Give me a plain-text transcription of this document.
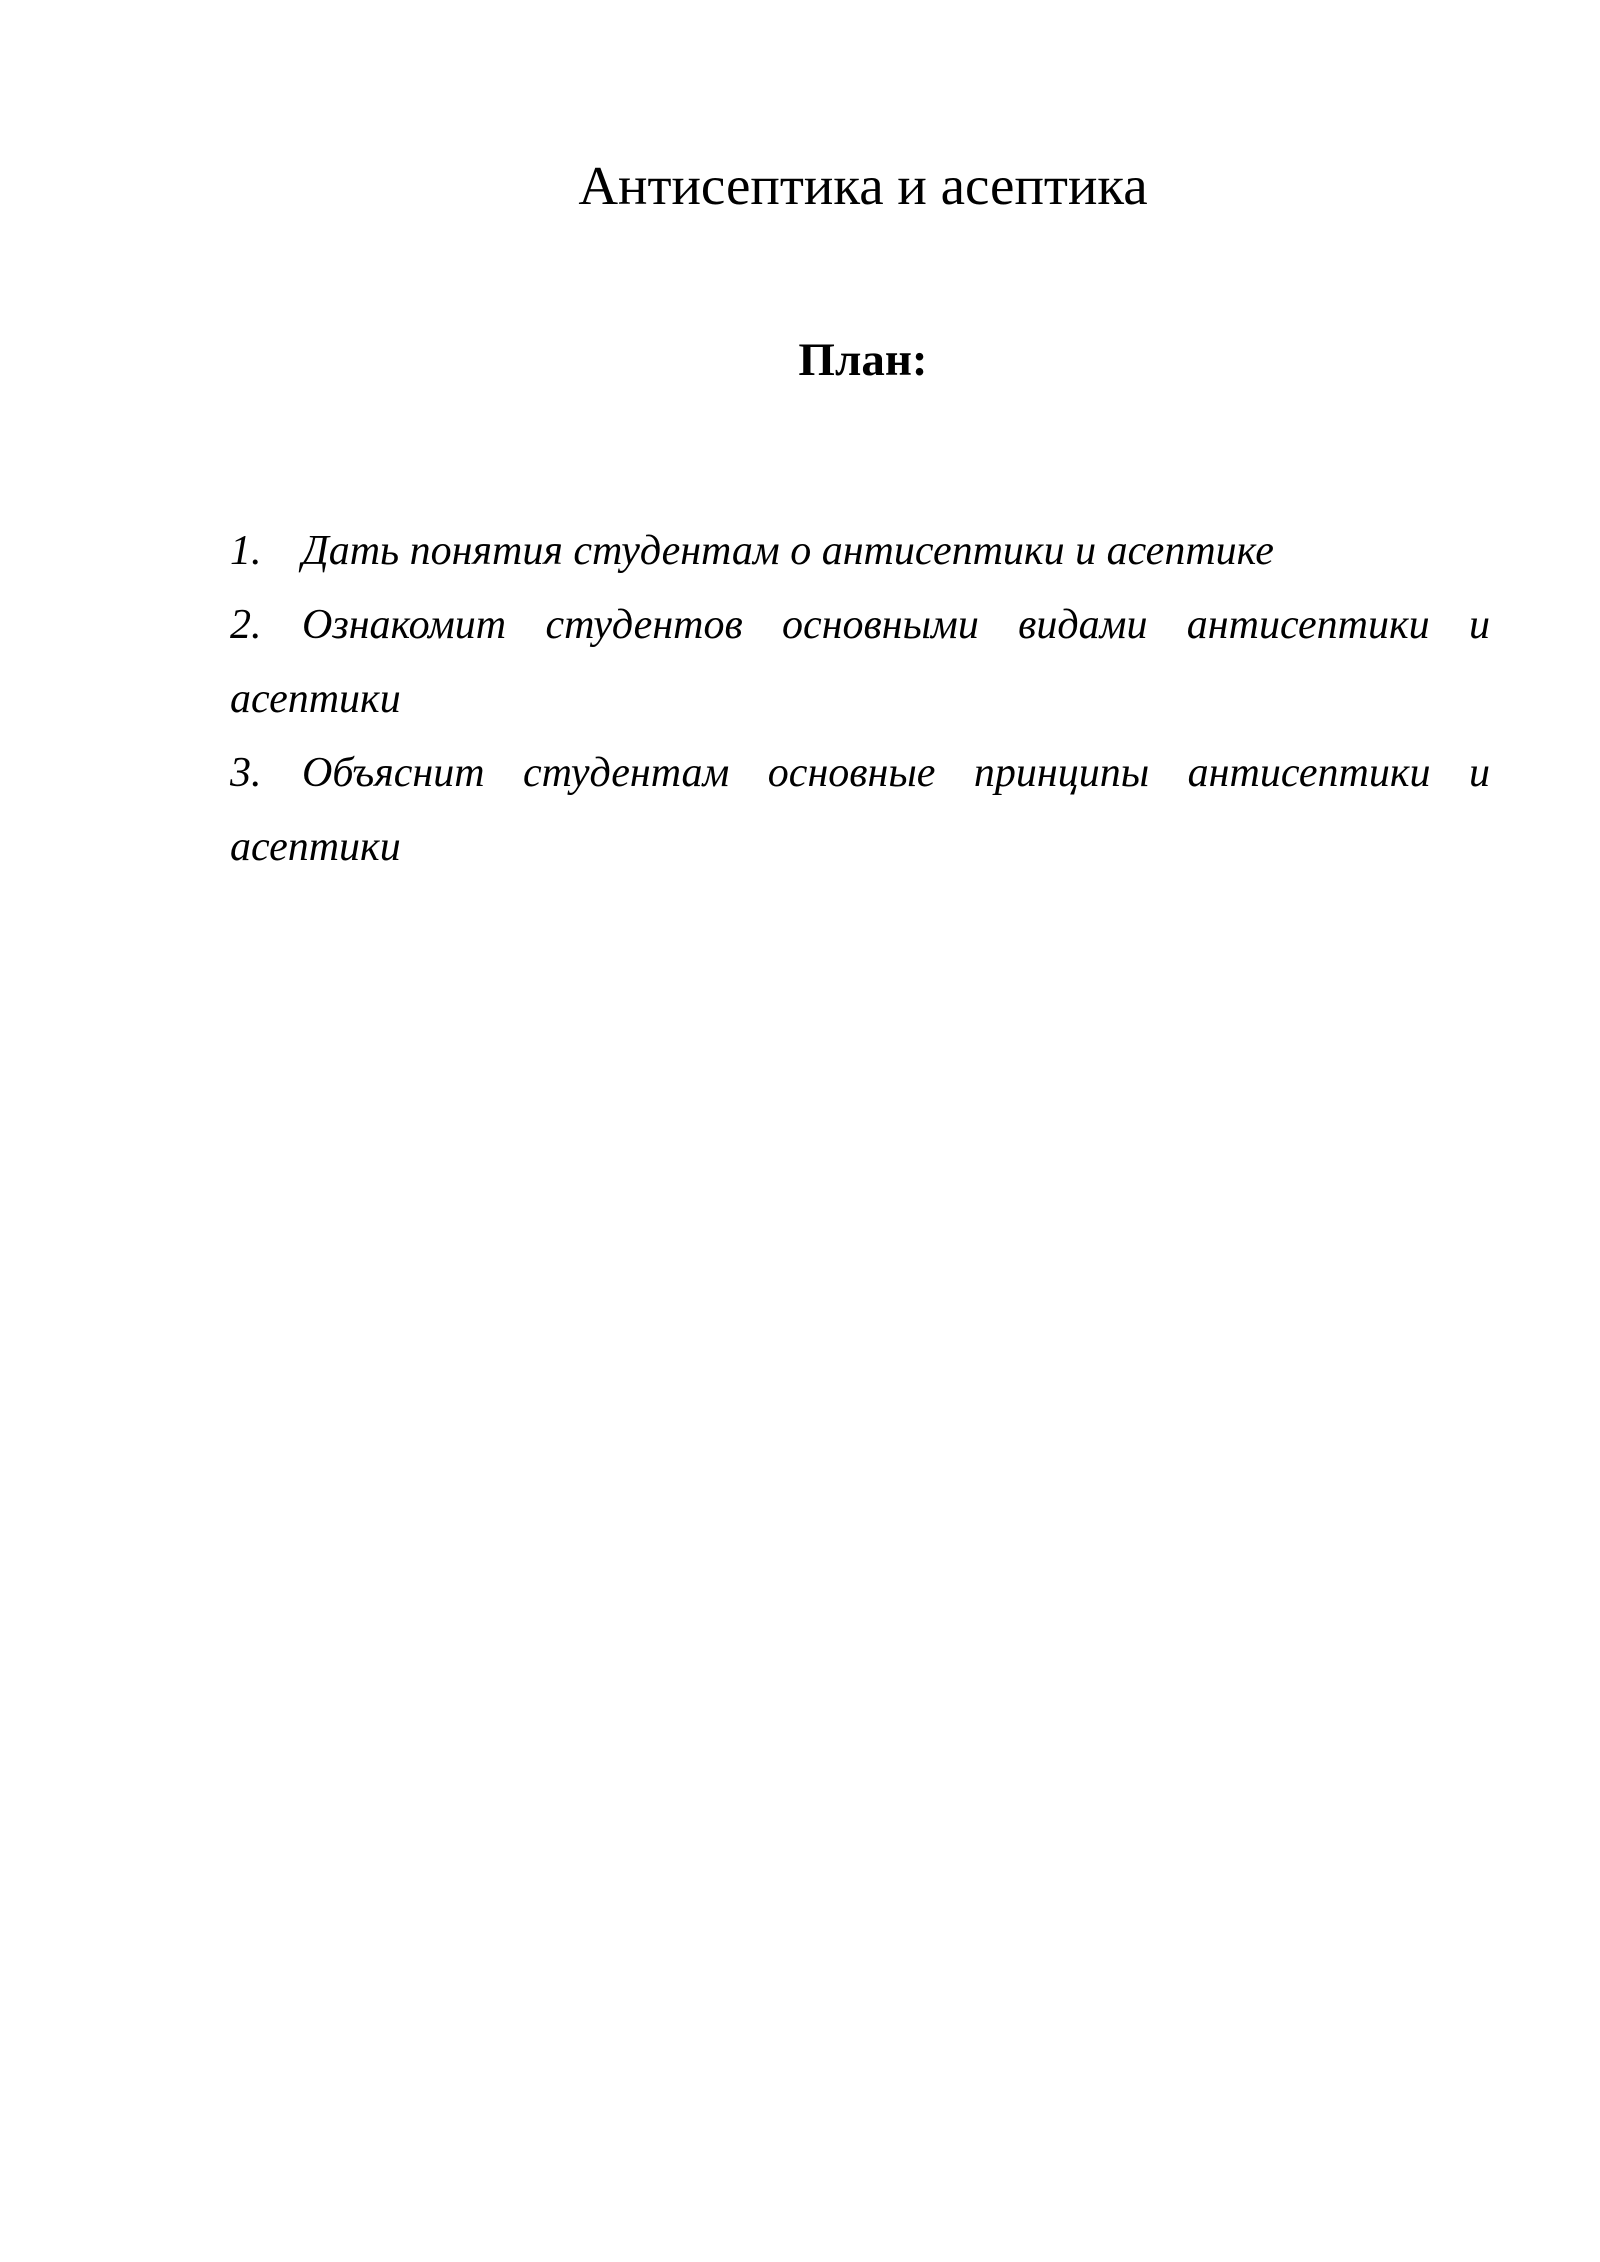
Антисептика и асептика
План:
1. Дать понятия студентам о антисептики и асептике
2. Ознакомит студентов основными видами антисептики и асептики
3. Объяснит студентам основные принципы антисептики и асептики
